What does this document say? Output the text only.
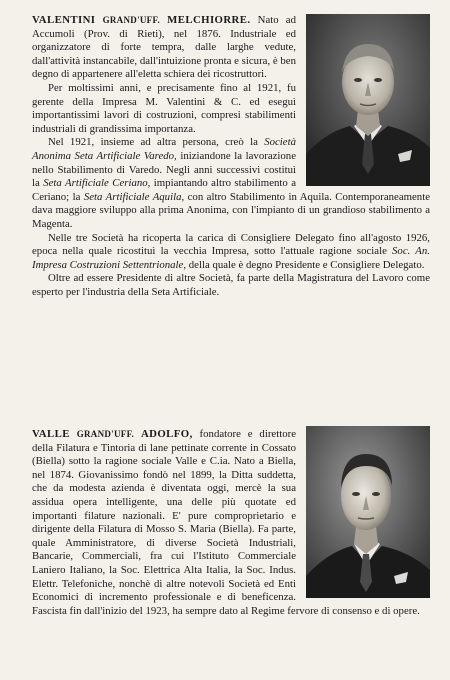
VALENTINI GRAND'UFF. MELCHIORRE. Nato ad Accumoli (Prov. di Rieti), nel 1876. Industriale ed organizzatore di forte tempra, dalle larghe vedute, dall'attività instancabile, dall'intuizione pronta e sicura, è ben degno di appartenere all'eletta schiera dei ricostruttori.

Per moltissimi anni, e precisamente fino al 1921, fu gerente della Impresa M. Valentini & C. ed eseguì importantissimi lavori di costruzioni, compresi stabilimenti industriali di grandissima importanza.

Nel 1921, insieme ad altra persona, creò la Società Anonima Seta Artificiale Varedo, iniziandone la lavorazione nello Stabilimento di Varedo. Negli anni successivi costituì la Seta Artificiale Ceriano, impiantando altro stabilimento a Ceriano; la Seta Artificiale Aquila, con altro Stabilimento in Aquila. Contemporaneamente dava maggiore sviluppo alla prima Anonima, con l'impianto di un grandioso stabilimento a Magenta.

Nelle tre Società ha ricoperta la carica di Consigliere Delegato fino all'agosto 1926, epoca nella quale ricostituì la vecchia Impresa, sotto l'attuale ragione sociale Soc. An. Impresa Costruzioni Settentrionale, della quale è degno Presidente e Consigliere Delegato.

Oltre ad essere Presidente di altre Società, fa parte della Magistratura del Lavoro come esperto per l'industria della Seta Artificiale.

VALLE GRAND'UFF. ADOLFO, fondatore e direttore della Filatura e Tintoria di lane pettinate corrente in Cossato (Biella) sotto la ragione sociale Valle e C.ia. Nato a Biella, nel 1874. Giovanissimo fondò nel 1899, la Ditta suddetta, che da modesta azienda è diventata oggi, mercè la sua assidua opera intelligente, una delle più quotate ed importanti filature nazionali. E' pure comproprietario e dirigente della Filatura di Mosso S. Maria (Biella). Fa parte, quale Amministratore, di diverse Società Industriali, Bancarie, Commerciali, fra cui l'Istituto Commerciale Laniero Italiano, la Soc. Elettrica Alta Italia, la Soc. Indus. Elettr. Telefoniche, nonchè di altre notevoli Società ed Enti Economici di incremento professionale e di beneficenza. Fascista fin dall'inizio del 1923, ha sempre dato al Regime fervore di consenso e di opere.
